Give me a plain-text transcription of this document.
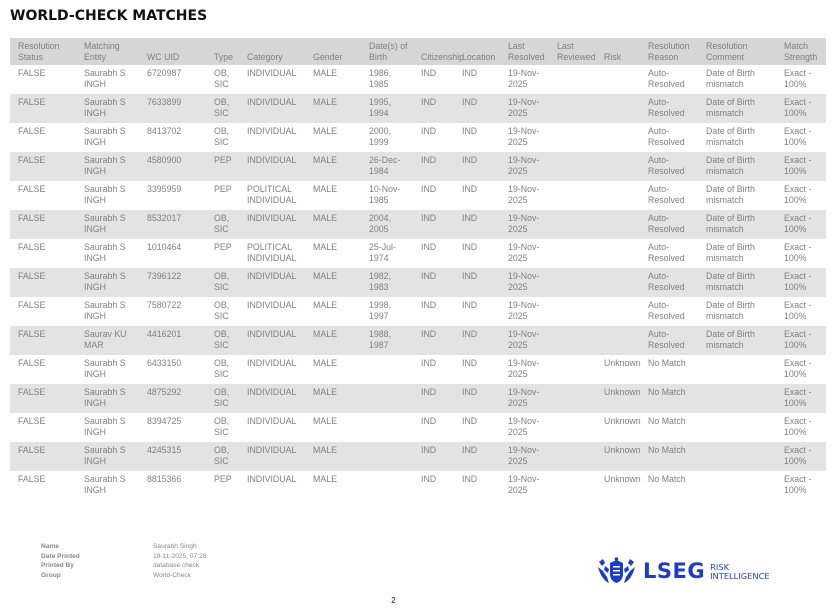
WORLD-CHECK MATCHES
Resolution Status	Matching Entity	WC UID	Type	Category	Gender	Date(s) of Birth	Citizenship	Location	Last Resolved	Last Reviewed	Risk	Resolution Reason	Resolution Comment	Match Strength
FALSE	Saurabh S INGH	6720987	OB, SIC	INDIVIDUAL	MALE	1986, 1985	IND	IND	19-Nov-2025			Auto-Resolved	Date of Birth mismatch	Exact - 100%
FALSE	Saurabh S INGH	7633899	OB, SIC	INDIVIDUAL	MALE	1995, 1994	IND	IND	19-Nov-2025			Auto-Resolved	Date of Birth mismatch	Exact - 100%
FALSE	Saurabh S INGH	8413702	OB, SIC	INDIVIDUAL	MALE	2000, 1999	IND	IND	19-Nov-2025			Auto-Resolved	Date of Birth mismatch	Exact - 100%
FALSE	Saurabh S INGH	4580900	PEP	INDIVIDUAL	MALE	26-Dec-1984	IND	IND	19-Nov-2025			Auto-Resolved	Date of Birth mismatch	Exact - 100%
FALSE	Saurabh S INGH	3395959	PEP	POLITICAL INDIVIDUAL	MALE	10-Nov-1985	IND	IND	19-Nov-2025			Auto-Resolved	Date of Birth mismatch	Exact - 100%
FALSE	Saurabh S INGH	8532017	OB, SIC	INDIVIDUAL	MALE	2004, 2005	IND	IND	19-Nov-2025			Auto-Resolved	Date of Birth mismatch	Exact - 100%
FALSE	Saurabh S INGH	1010464	PEP	POLITICAL INDIVIDUAL	MALE	25-Jul-1974	IND	IND	19-Nov-2025			Auto-Resolved	Date of Birth mismatch	Exact - 100%
FALSE	Saurabh S INGH	7396122	OB, SIC	INDIVIDUAL	MALE	1982, 1983	IND	IND	19-Nov-2025			Auto-Resolved	Date of Birth mismatch	Exact - 100%
FALSE	Saurabh S INGH	7580722	OB, SIC	INDIVIDUAL	MALE	1998, 1997	IND	IND	19-Nov-2025			Auto-Resolved	Date of Birth mismatch	Exact - 100%
FALSE	Saurav KU MAR	4416201	OB, SIC	INDIVIDUAL	MALE	1988, 1987	IND	IND	19-Nov-2025			Auto-Resolved	Date of Birth mismatch	Exact - 100%
FALSE	Saurabh S INGH	6433150	OB, SIC	INDIVIDUAL	MALE		IND	IND	19-Nov-2025		Unknown	No Match		Exact - 100%
FALSE	Saurabh S INGH	4875292	OB, SIC	INDIVIDUAL	MALE		IND	IND	19-Nov-2025		Unknown	No Match		Exact - 100%
FALSE	Saurabh S INGH	8394725	OB, SIC	INDIVIDUAL	MALE		IND	IND	19-Nov-2025		Unknown	No Match		Exact - 100%
FALSE	Saurabh S INGH	4245315	OB, SIC	INDIVIDUAL	MALE		IND	IND	19-Nov-2025		Unknown	No Match		Exact - 100%
FALSE	Saurabh S INGH	8815366	PEP	INDIVIDUAL	MALE		IND	IND	19-Nov-2025		Unknown	No Match		Exact - 100%
Name	Saurabh Singh
Date Printed	19-11-2025, 07:28
Printed By	database check
Group	World-Check	LSEG RISK
INTELLIGENCE
2
